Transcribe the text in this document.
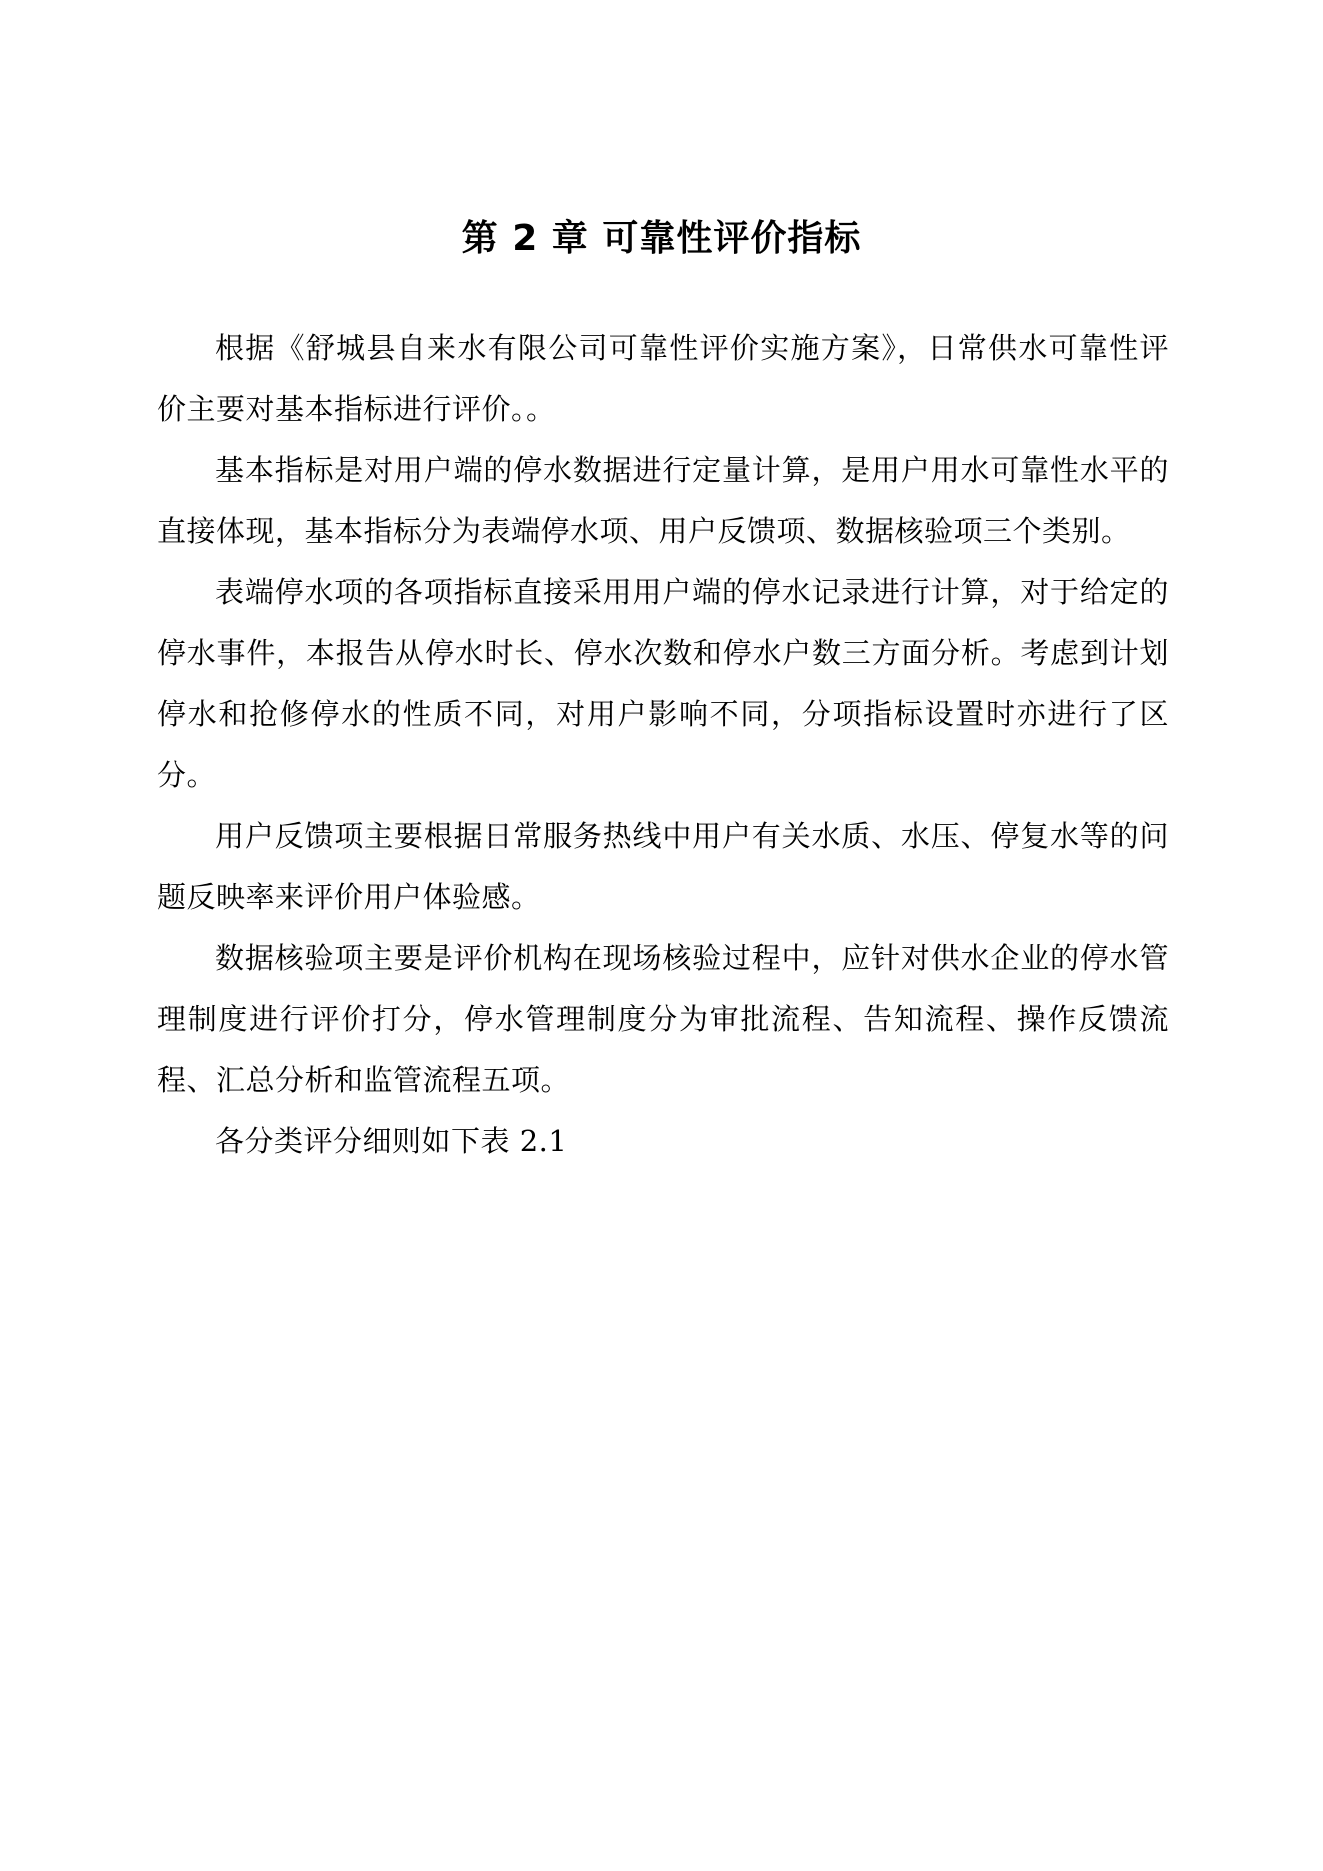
第 2 章 可靠性评价指标

根据《舒城县自来水有限公司可靠性评价实施方案》，日常供水可靠性评价主要对基本指标进行评价。。

基本指标是对用户端的停水数据进行定量计算，是用户用水可靠性水平的直接体现，基本指标分为表端停水项、用户反馈项、数据核验项三个类别。

表端停水项的各项指标直接采用用户端的停水记录进行计算，对于给定的停水事件，本报告从停水时长、停水次数和停水户数三方面分析。考虑到计划停水和抢修停水的性质不同，对用户影响不同，分项指标设置时亦进行了区分。

用户反馈项主要根据日常服务热线中用户有关水质、水压、停复水等的问题反映率来评价用户体验感。

数据核验项主要是评价机构在现场核验过程中，应针对供水企业的停水管理制度进行评价打分，停水管理制度分为审批流程、告知流程、操作反馈流程、汇总分析和监管流程五项。

各分类评分细则如下表 2.1
